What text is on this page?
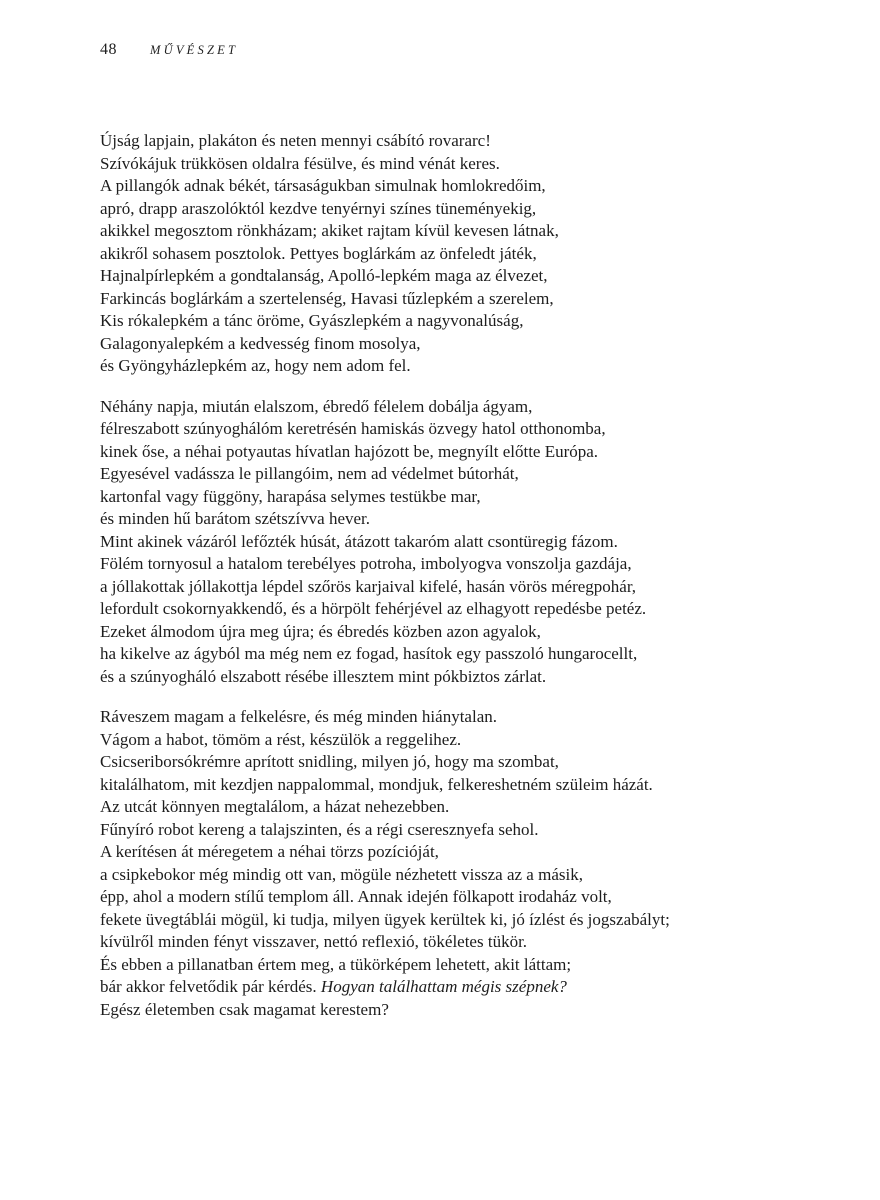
48	MŰVÉSZET
Újság lapjain, plakáton és neten mennyi csábító rovararc!
Szívókájuk trükkösen oldalra fésülve, és mind vénát keres.
A pillangók adnak békét, társaságukban simulnak homlokredőim,
apró, drapp araszolóktól kezdve tenyérnyi színes tüneményekig,
akikkel megosztom rönkházam; akiket rajtam kívül kevesen látnak,
akikről sohasem posztolok. Pettyes boglárkám az önfeledt játék,
Hajnalpírlepkém a gondtalanság, Apolló-lepkém maga az élvezet,
Farkincás boglárkám a szertelenség, Havasi tűzlepkém a szerelem,
Kis rókalepkém a tánc öröme, Gyászlepkém a nagyvonalúság,
Galagonyalepkém a kedvesség finom mosolya,
és Gyöngyházlepkém az, hogy nem adom fel.
Néhány napja, miután elalszom, ébredő félelem dobálja ágyam,
félreszabott szúnyoghálóm keretrésén hamiskás özvegy hatol otthonomba,
kinek őse, a néhai potyautas hívatlan hajózott be, megnyílt előtte Európa.
Egyesével vadássza le pillangóim, nem ad védelmet bútorhát,
kartonfal vagy függöny, harapása selymes testükbe mar,
és minden hű barátom szétszívva hever.
Mint akinek vázáról lefőzték húsát, átázott takaróm alatt csontüregig fázom.
Fölém tornyosul a hatalom terebélyes potroha, imbolyogva vonszolja gazdája,
a jóllakottak jóllakottja lépdel szőrös karjaival kifelé, hasán vörös méregpohár,
lefordult csokornyakkendő, és a hörpölt fehérjével az elhagyott repedésbe petéz.
Ezeket álmodom újra meg újra; és ébredés közben azon agyalok,
ha kikelve az ágyból ma még nem ez fogad, hasítok egy passzoló hungarocellt,
és a szúnyogháló elszabott résébe illesztem mint pókbiztos zárlat.
Ráveszem magam a felkelésre, és még minden hiánytalan.
Vágom a habot, tömöm a rést, készülök a reggelihez.
Csicseriborsókrémre aprított snidling, milyen jó, hogy ma szombat,
kitalálhatom, mit kezdjen nappalommal, mondjuk, felkereshetném szüleim házát.
Az utcát könnyen megtalálom, a házat nehezebben.
Fűnyíró robot kereng a talajszinten, és a régi cseresznyefa sehol.
A kerítésen át méregetem a néhai törzs pozícióját,
a csipkebokor még mindig ott van, mögüle nézhetett vissza az a másik,
épp, ahol a modern stílű templom áll. Annak idején fölkapott irodaház volt,
fekete üvegtáblái mögül, ki tudja, milyen ügyek kerültek ki, jó ízlést és jogszabályt;
kívülről minden fényt visszaver, nettó reflexió, tökéletes tükör.
És ebben a pillanatban értem meg, a tükörképem lehetett, akit láttam;
bár akkor felvetődik pár kérdés. Hogyan találhattam mégis szépnek?
Egész életemben csak magamat kerestem?
